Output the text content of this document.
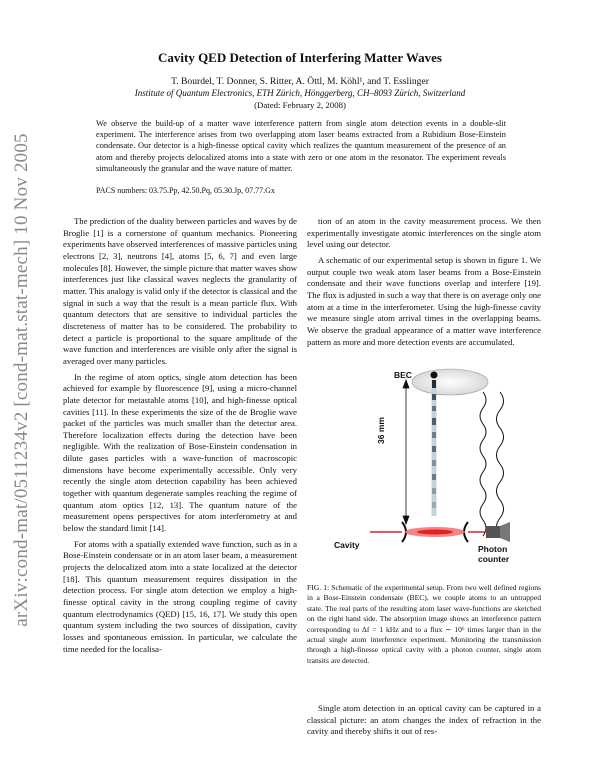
arXiv:cond-mat/0511234v2 [cond-mat.stat-mech] 10 Nov 2005
Cavity QED Detection of Interfering Matter Waves
T. Bourdel, T. Donner, S. Ritter, A. Öttl, M. Köhl¹, and T. Esslinger
Institute of Quantum Electronics, ETH Zürich, Hönggerberg, CH–8093 Zürich, Switzerland
(Dated: February 2, 2008)
We observe the build-up of a matter wave interference pattern from single atom detection events in a double-slit experiment. The interference arises from two overlapping atom laser beams extracted from a Rubidium Bose-Einstein condensate. Our detector is a high-finesse optical cavity which realizes the quantum measurement of the presence of an atom and thereby projects delocalized atoms into a state with zero or one atom in the resonator. The experiment reveals simultaneously the granular and the wave nature of matter.
PACS numbers: 03.75.Pp, 42.50.Pq, 05.30.Jp, 07.77.Gx

The prediction of the duality between particles and waves by de Broglie [1] is a cornerstone of quantum mechanics. Pioneering experiments have observed interferences of massive particles using electrons [2, 3], neutrons [4], atoms [5, 6, 7] and even large molecules [8]. However, the simple picture that matter waves show interferences just like classical waves neglects the granularity of matter. This analogy is valid only if the detector is classical and the signal in such a way that the result is a mean particle flux. With quantum detectors that are sensitive to individual particles the discreteness of matter has to be considered. The probability to detect a particle is proportional to the square amplitude of the wave function and interferences are visible only after the signal is averaged over many particles.

In the regime of atom optics, single atom detection has been achieved for example by fluorescence [9], using a micro-channel plate detector for metastable atoms [10], and high-finesse optical cavities [11]. In these experiments the size of the de Broglie wave packet of the particles was much smaller than the detector area. Therefore localization effects during the detection have been negligible. With the realization of Bose-Einstein condensation in dilute gases particles with a wave-function of macroscopic dimensions have become experimentally accessible. Only very recently the single atom detection capability has been achieved together with quantum degenerate samples reaching the regime of quantum atom optics [12, 13]. The quantum nature of the measurement opens perspectives for atom interferometry at and below the standard limit [14].

For atoms with a spatially extended wave function, such as in a Bose-Einstein condensate or in an atom laser beam, a measurement projects the delocalized atom into a state localized at the detector [18]. This quantum measurement requires dissipation in the detection process. For single atom detection we employ a high-finesse optical cavity in the strong coupling regime of cavity quantum electrodynamics (QED) [15, 16, 17]. We study this open quantum system including the two sources of dissipation, cavity losses and spontaneous emission. In particular, we calculate the time needed for the localisa-

tion of an atom in the cavity measurement process. We then experimentally investigate atomic interferences on the single atom level using our detector.

A schematic of our experimental setup is shown in figure 1. We output couple two weak atom laser beams from a Bose-Einstein condensate and their wave functions overlap and interfere [19]. The flux is adjusted in such a way that there is on average only one atom at a time in the interferometer. Using the high-finesse cavity we measure single atom arrival times in the overlapping beams. We observe the gradual appearance of a matter wave interference pattern as more and more detection events are accumulated.

BEC
36 mm
Cavity	Photon
counter
FIG. 1: Schematic of the experimental setup. From two well defined regions in a Bose-Einstein condensate (BEC), we couple atoms to an untrapped state. The real parts of the resulting atom laser wave-functions are sketched on the right hand side. The absorption image shows an interference pattern corresponding to Δf = 1 kHz and to a flux ∼ 10⁶ times larger than in the actual single atom interference experiment. Monitoring the transmission through a high-finesse optical cavity with a photon counter, single atom transits are detected.

Single atom detection in an optical cavity can be captured in a classical picture: an atom changes the index of refraction in the cavity and thereby shifts it out of res-
